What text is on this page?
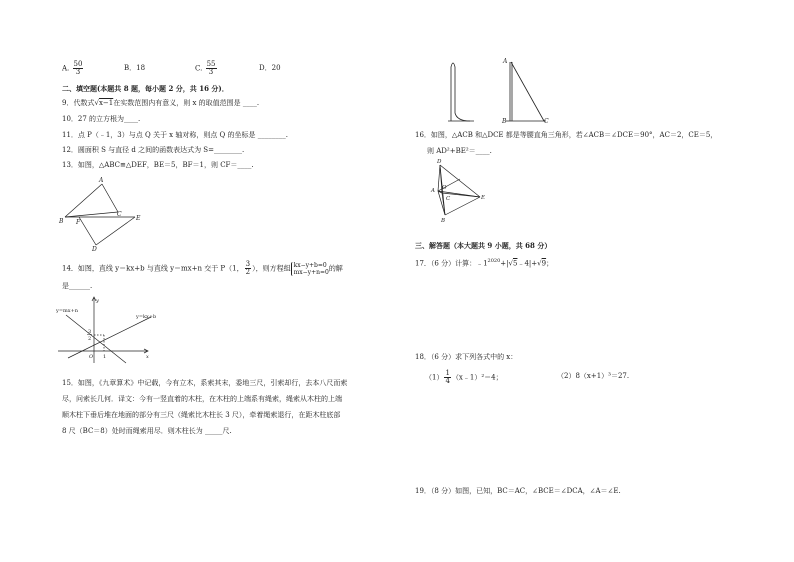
A. $\frac{50}{3}$	B．18	C. $\frac{55}{3}$	D．20
二、填空题(本题共 8 题，每小题 2 分，共 16 分)．
9．代数式√x−1在实数范围内有意义，则 x 的取值范围是 ____.
10．27 的立方根为____.
11．点 P（﹣1，3）与点 Q 关于 x 轴对称，则点 Q 的坐标是 ________.
12．圆面积 S 与直径 d 之间的函数表达式为 S=________.
13．如图，△ABC≌△DEF，BE＝5，BF＝1，则 CF＝____.
A
B F
C
E
D
14．如图，直线 y＝kx+b 与直线 y＝mx+n 交于 P（1， $\frac{3}{2}$ ），则方程组 kx−y+b=0
mx−y+n=0 的解
是______.
y=mx+n
y=kx+b
y
x
O 1
3
2
15．如图，《九章算术》中记载，今有立木，系索其末，委地三尺，引索却行，去本八尺而索
尽，问索长几何．译文：今有一竖直着的木柱，在木柱的上端系有绳索，绳索从木柱的上端
顺木柱下垂后堆在地面的部分有三尺（绳索比木柱长 3 尺），牵着绳索退行，在距木柱底部
8 尺（BC＝8）处时而绳索用尽．则木柱长为 _____尺.
A
B	C
16．如图，△ACB 和△DCE 都是等腰直角三角形，若∠ACB＝∠DCE＝90°，AC＝2，CE＝5，
则 AD²+BE²＝____.
D
A O
C	E
B
三、解答题（本大题共 9 小题，共 68 分）
17．（6 分）计算：$﹣1^{2020}+|√5﹣4|+√9$；
18．（6 分）求下列各式中的 x：
$(1) \frac{1}{4}$ （x﹣1）²＝4；	（2）8（x+1）³＝27.
19．（8 分）如图，已知，BC＝AC，∠BCE＝∠DCA，∠A＝∠E.
